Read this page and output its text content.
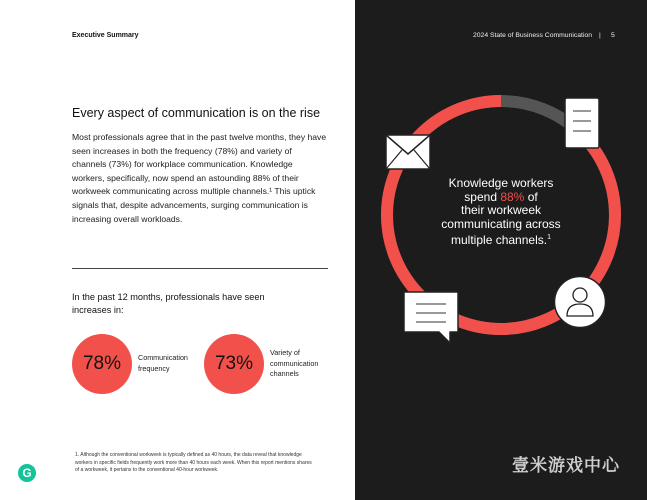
Executive Summary
Every aspect of communication is on the rise

Most professionals agree that in the past twelve months, they have seen increases in both the frequency (78%) and variety of channels (73%) for workplace communication. Knowledge workers, specifically, now spend an astounding 88% of their workweek communicating across multiple channels.¹ This uptick signals that, despite advancements, surging communication is increasing overall workloads.

In the past 12 months, professionals have seen increases in:

78%	Communication
frequency	73%
Variety of
communication
channels

1. Although the conventional workweek is typically defined as 40 hours, the data reveal that knowledge workers in specific fields frequently work more than 40 hours each week. When this report mentions shares of a workweek, it pertains to the conventional 40-hour workweek.

G
2024 State of Business Communication | 5
Knowledge workers
spend 88% of
their workweek
communicating across
multiple channels.$^1$
壹米游戏中心
